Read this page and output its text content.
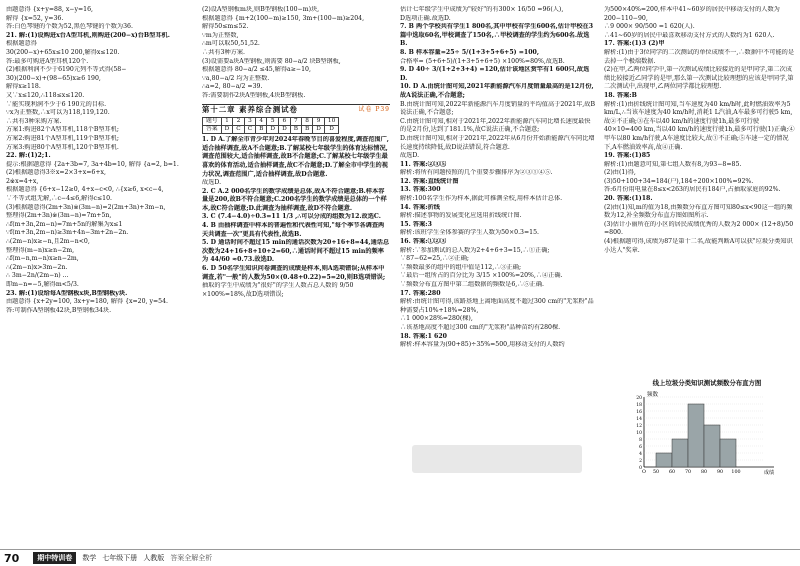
由题意得 {x+y=88, x−y=16,
解得 {x=52, y=36.
答:白色琴键的个数为52,黑色琴键的个数为36.
21. 解:(1)设购进x台A型耳机,则购进(200−x)台B型耳机.
根据题意得
30(200−x)+65x≤10 200,解得x≤120.
答:最多可购进A型耳机120个.
(2)根据利润不少于6190元列不等式得(58−
30)(200−x)+(98−65)x≥6 190,
解得x≥118.
又∵x≤120,∴118≤x≤120.
∵能实现利润不少于6 190元的目标.
∵x为正整数,∴x可以为118,119,120.
∴共有3种采购方案.
方案1:购进82个A型耳机,118个B型耳机;
方案2:购进81个A型耳机,119个B型耳机;
方案3:购进80个A型耳机,120个B型耳机.
22. 解:(1)2;1.
提示:根据题意得 {2a+3b=7, 3a+4b=10, 解得 {a=2, b=1.
(2)根据题意得3※x=2×3+x=6+x,
2※x=4+x,
根据题意得 {6+x−12≥0, 4+x−c<0, ∴{x≥6, x<c−4,
∵不等式组无解,∴c−4≤6,解得c≤10.
(3)根据题意得(2m+3n)※(3m−n)=2(2m+3n)+3m−n,
整理得(2m+3n)※(3m−n)=7m+5n,
∴f(m+3n,2m−n)=7m+5n的解集为x≤1
∵f(m+3n,2m−n)≥3m+4n−3m+2n−2n.
∴(2m−n)x≥−n,且2m−n<0,
整理得(m−n)x≥n−2m,
∴f(m−n,m−n)x≥n−2m,
∴(2m−n)x>3m−2n.
∴ 3m−2n/(2m−n) ...
即m−n=−5,解得m<5/3.
23. 解:(1)设给每A型钢板x块,B型钢板y块.
由题意得 {x+2y=100, 3x+y=180, 解得 {x=20, y=54.
答:可制作A型钢板42块,B型钢板34块.
(2)设A型钢板m块,则B型钢板(100−m)块,
根据题意得 {m+2(100−m)≥150, 3m+(100−m)≥204,
解得50≤m≤52.
∵m为正整数,
∴m可以取50,51,52.
∴共有3种方案.
(3)设需要a块A型钢板,则需要 80−a/2 块B型钢板,
根据题意得 80−a/2 ≤45,解得a≥−10,
∵a,80−a/2 均为正整数.
∴a=2, 80−a/2 =39.
答:需要制作2块A型钢板,4块B型钢板.
第十二章 素养综合测试卷	试卷 P39
题号	1	2	3	4	5	6	7	8	9	10
答案	D	C	C	B	D	D	B	B	D	D
1. D A.了解全市青少年对2024年春晚节目的喜爱程度,调查范围广,适合抽样调查,故A不合题意;B.了解某校七年级学生的体育达标情况,调查范围较大,适合抽样调查,故B不合题意;C.了解某校七年级学生最喜欢的体育活动,适合抽样调查,故C不合题意;D.了解全市中学生的视力状况,调查范围广,适合抽样调查,故D合题意.
故选D.
2. C A.2 000名学生的数学成绩是总体,故A不符合题意;B.样本容量是200,故B不符合题意;C.200名学生的数学成绩是总体的一个样本,故C符合题意;D.此调查为抽样调查,故D不符合题意.
3. C (7.4−4.0)÷0.3=11 1/3 ,∴可以分成的组数为12.故选C.
4. B 由抽样调查中样本的普遍性和代表性可知,"每个季节各调查两天共调查一次"更具有代表性,故选B.
5. D 通话时间不超过15 min的通话次数为20+16+8=44,通话总次数为24+16+8+10+2=60,∴通话时间不超过15 min的频率为 44/60 ≈0.73.故选D.
6. D 50名学生知识问卷调查的成绩是样本,则A选项错误;从样本中调查,若"一般"的人数为50×(0.48+0.22)=5=20,则B选项错误;
抽取的学生中成绩为"很好"的学生人数占总人数的 9/50 ×100%=18%,故D选项错误;
估计七年级学生中成绩为"较好"的有300× 16/50 =96(人),
D选项正确.故选D.
7. B 两个学校共有学生1 800名,其中甲校有学生600名,估计甲校在3篇中选取60名,甲校调查了150名,∴甲校调查的学生约为600名.故选B.
8. B 样本容量=25÷ 5/(1+3+5+6+5) =100,
合格率= (5+6+5)/(1+3+5+6+5) ×100%=80%,故选B.
9. D 40÷ 3/(1+2+3+4) =120,估计该地区赏竿有1 600只,故选D.
10. D A.由统计图可知,2021年新能源汽车月度销量最高的是12月份,故A说法正确,不合题意;
B.由统计图可知,2022年新能源汽车月度销量的平均值高于2021年,故B说法正确,不合题意;
C.由统计图可知,相对于2021年,2022年新能源汽车同比增长速度最快的是2月份,达到了181.1%,故C说法正确,不合题意;
D.由统计图可知,相对于2021年,2022年从6月份开始新能源汽车同比增长速度持续降低,故D说法错误,符合题意.
故选D.
11. 答案:②③⑤
解析:将所有问题按照的几个重要步骤排序为②③①④⑤.
12. 答案:直线统计图
13. 答案:300
解析:100名学生作为样本,据此可推测全校,用样本估计总体.
14. 答案:折线
解析:描述事物的发展变化应选用折线统计图.
15. 答案:3
解析:该班学生全体参赛的学生人数为50×0.3=15.
16. 答案:①②③
解析:∵参加测试的总人数为2+4+6+3=15,∴①正确;
∵87−62=25,∴②正确;
∵频数最多的组中的组中值是112,∴③正确;
∵最后一组所占的百分比为 3/15 ×100%=20%,∴④正确.
∵频数分布直方图中第二组数据的频数是6,∴⑤正确.
17. 答案:280
解析:由统计图可得,该路基地上离地面高度不超过300 cm的"无浆粉"品种需要占10%+18%=28%,
∴1 000×28%=280(棵),
∴该基地高度不超过300 cm的"无浆粉"品种苗约有280棵.
18. 答案:1 620
解析:样本容量为(90+85)÷35%=500,用移动支付的人数约
为500×40%=200,样本中41~60岁的居民中移动支付的人数为200−110−90,
∴9 000× 90/500 =1 620(人).
∴41~60岁的居民中最喜欢移动支付方式的人数约为1 620人.
17. 答案:(1)3 (2)甲
解析:(1)由于3位同学的二次测试的单位成绩不一,∴数据中不可能的是去掉一个极端数据.
(2)在甲,乙两位同学中,第一次测试成绩比较接近的是甲同学,第二次成绩比较接近乙同学的是甲,那么第一次测试比较理想的应该是甲同学,第二次测试中,出现甲,乙两位同学都比较理想.
18. 答案:B
解析:(1)由折线统计图可知,当车速度为40 km/h时,此时燃油效率为5 km/L,∴当该车速度为40 km/h时,消耗1 L汽油,A车最多可行驶5 km,故②不正确;③在车以40 km/h的速度行驶1h,最多可行驶40×10=400 km,当以40 km/h的速度行驶1h,最多可行驶(1)正确;④甲车以80 km/h行驶,A车速度比较大,故①不正确;⑤车速一定的情况下,A车燃油效率高,故④正确.
19. 答案:(1)85
解析:(1)由题意可知,第七组人数有8,为93−8=85.
(2)由(1)得,
(3)50+100+34=184(户),184÷200×100%=92%.
答:6月份用电量在8≤x<263的居民有184户,占抽取家庭的92%.
20. 答案:(1)18.
(2)由(1)知,m的值为18,由频数分布直方图可知80≤x<90这一组的频数为12,补全频数分布直方图如图所示.
(3)估计小丽所在的小区的居民成绩优秀的人数为2 000× (12+8)/50 =800.
(4)根据题可得,成绩为87是第十二名,故能判断A可以获"垃圾分类知识小达人"奖章.
线上垃圾分类知识测试频数分布直方图
频数
0
2
4
6
8
10
12
14
16
18
20
O 50 60 70 80 90 100	成绩
70	期中特训卷	数学 七年级下册 人教版 答案全解全析
